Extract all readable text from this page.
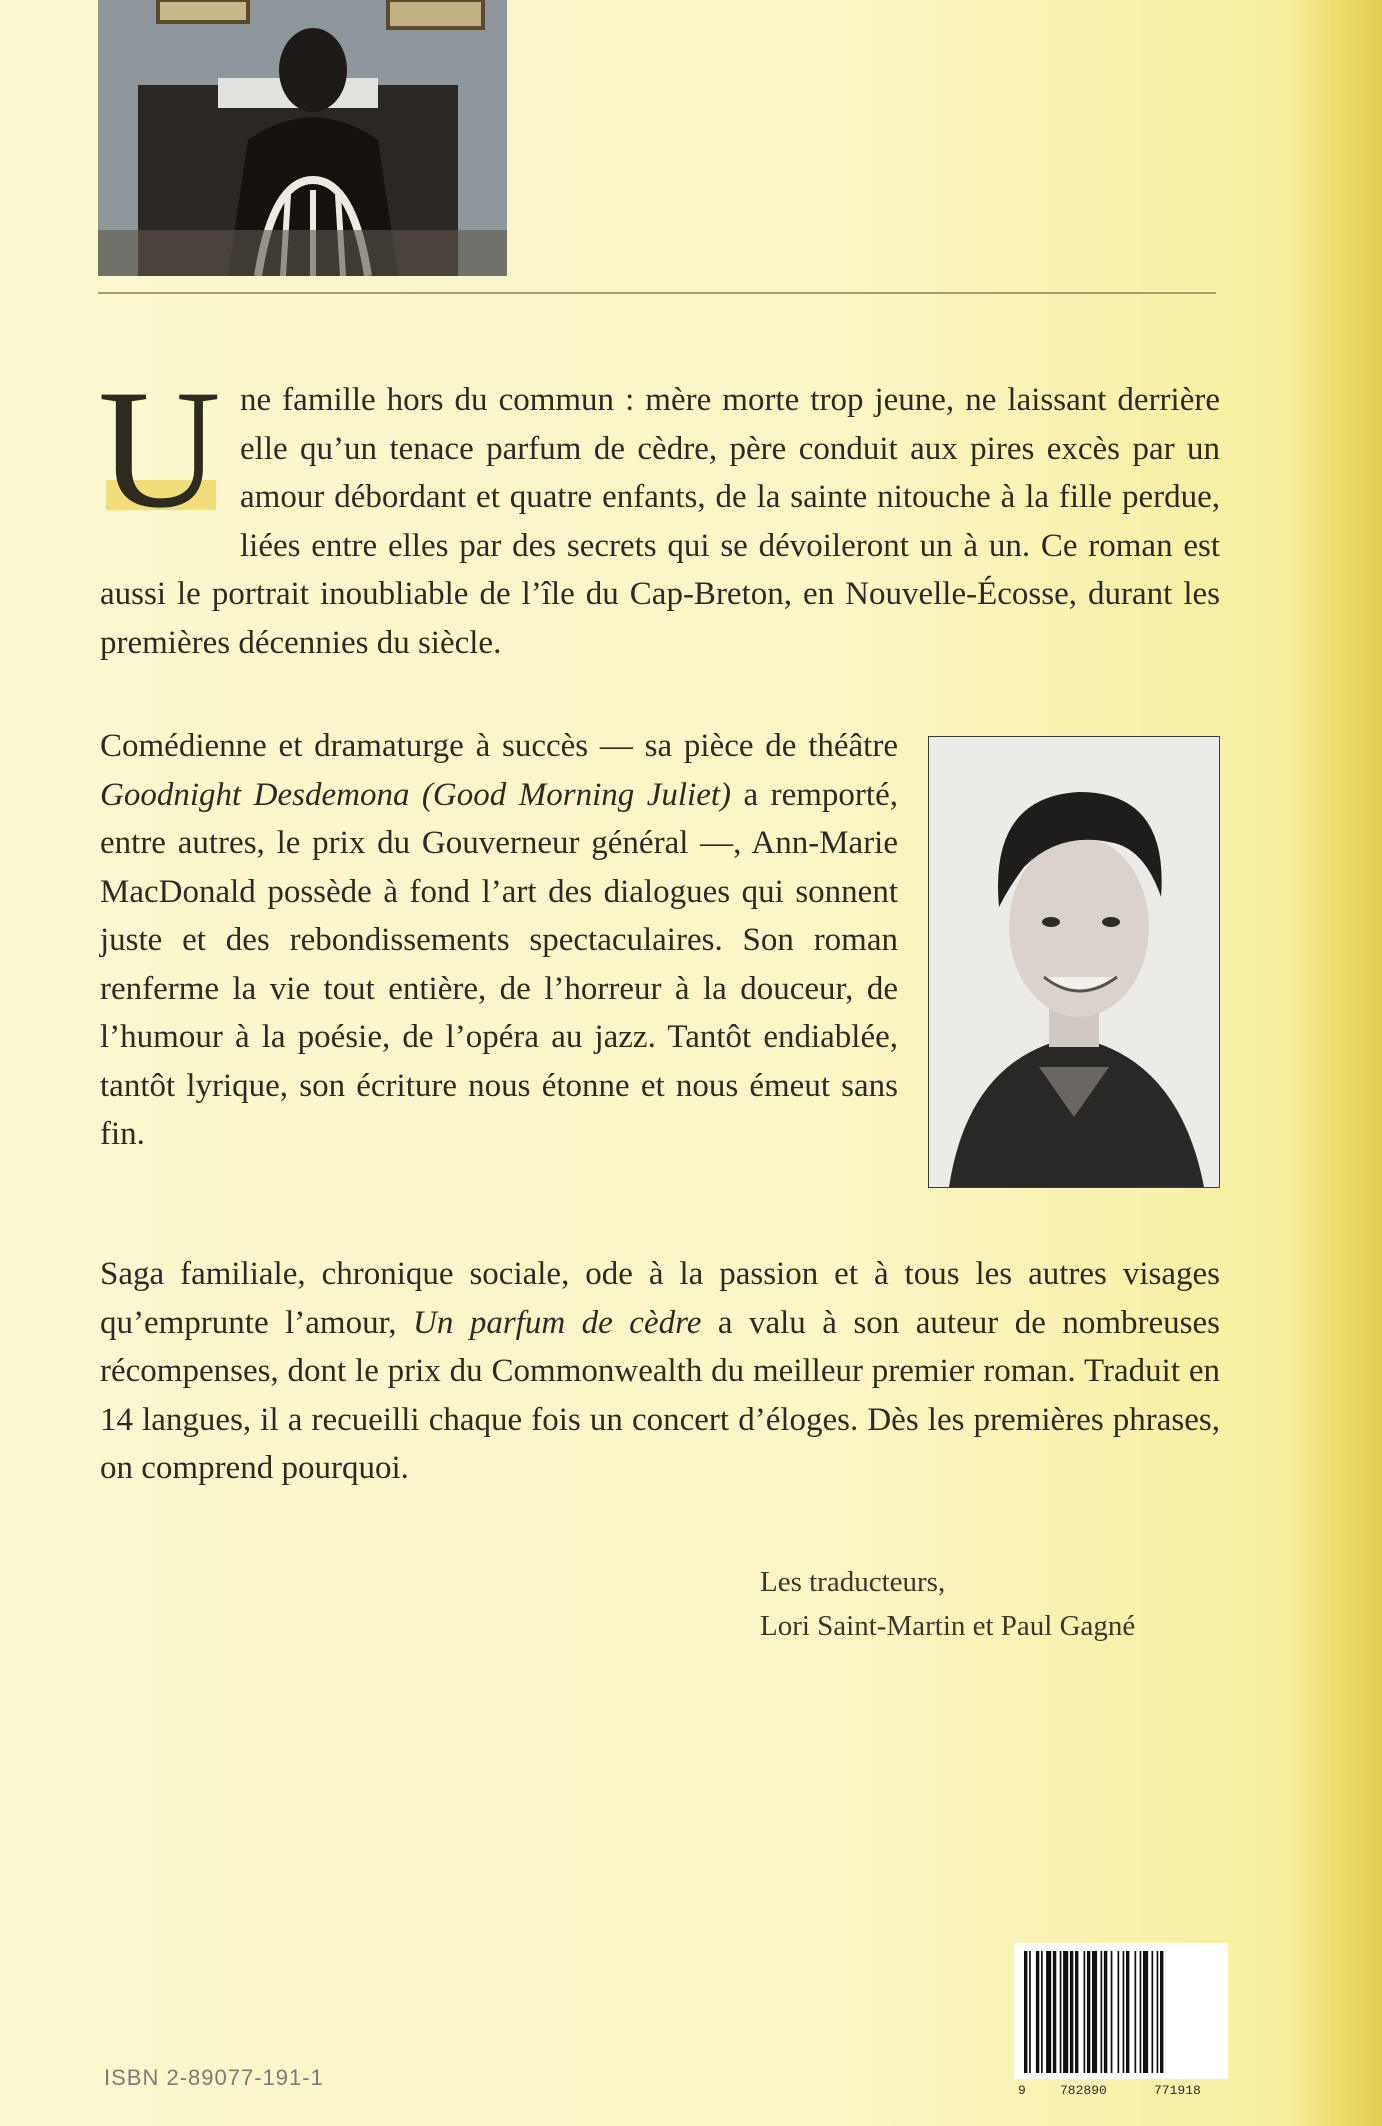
U ne famille hors du commun : mère morte trop jeune, ne laissant derrière elle qu’un tenace parfum de cèdre, père conduit aux pires excès par un amour débordant et quatre enfants, de la sainte nitouche à la fille perdue, liées entre elles par des secrets qui se dévoileront un à un. Ce roman est aussi le portrait inoubliable de l’île du Cap-Breton, en Nouvelle-Écosse, durant les premières décennies du siècle.
Comédienne et dramaturge à succès — sa pièce de théâtre Goodnight Desdemona (Good Morning Juliet) a remporté, entre autres, le prix du Gouverneur général —, Ann-Marie MacDonald possède à fond l’art des dialogues qui sonnent juste et des rebondissements spectaculaires. Son roman renferme la vie tout entière, de l’horreur à la douceur, de l’humour à la poésie, de l’opéra au jazz. Tantôt endiablée, tantôt lyrique, son écriture nous étonne et nous émeut sans fin.
Saga familiale, chronique sociale, ode à la passion et à tous les autres visages qu’emprunte l’amour, Un parfum de cèdre a valu à son auteur de nombreuses récompenses, dont le prix du Commonwealth du meilleur premier roman. Traduit en 14 langues, il a recueilli chaque fois un concert d’éloges. Dès les premières phrases, on comprend pourquoi.
Les traducteurs,
Lori Saint-Martin et Paul Gagné
9	782890	771918
ISBN 2-89077-191-1
